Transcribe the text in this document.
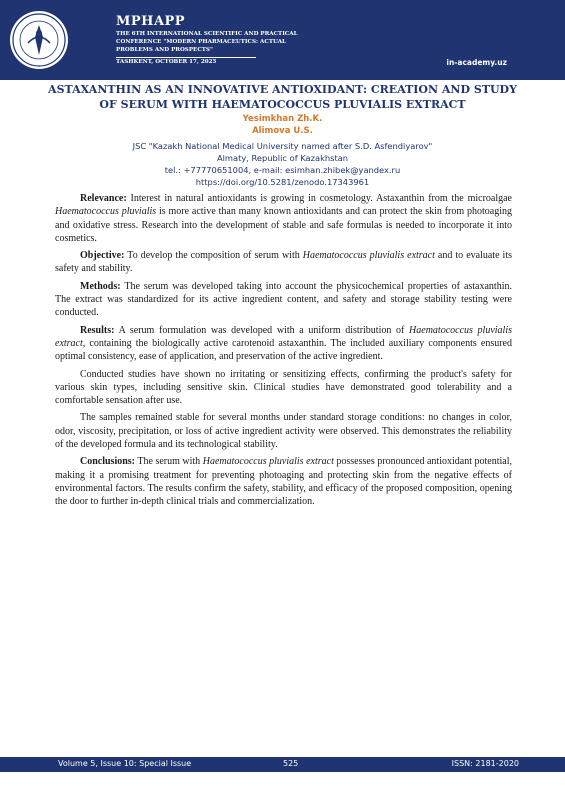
MPHAPP
THE 6TH INTERNATIONAL SCIENTIFIC AND PRACTICAL
CONFERENCE "MODERN PHARMACEUTICS: ACTUAL
PROBLEMS AND PROSPECTS"
TASHKENT, OCTOBER 17, 2025	in-academy.uz
ASTAXANTHIN AS AN INNOVATIVE ANTIOXIDANT: CREATION AND STUDY
OF SERUM WITH HAEMATOCOCCUS PLUVIALIS EXTRACT
Yesimkhan Zh.K.
Alimova U.S.
JSC "Kazakh National Medical University named after S.D. Asfendiyarov"
Almaty, Republic of Kazakhstan
tel.: +77770651004, e-mail: esimhan.zhibek@yandex.ru
https://doi.org/10.5281/zenodo.17343961

Relevance: Interest in natural antioxidants is growing in cosmetology. Astaxanthin from the microalgae Haematococcus pluvialis is more active than many known antioxidants and can protect the skin from photoaging and oxidative stress. Research into the development of stable and safe formulas is needed to incorporate it into cosmetics.

Objective: To develop the composition of serum with Haematococcus pluvialis extract and to evaluate its safety and stability.

Methods: The serum was developed taking into account the physicochemical properties of astaxanthin. The extract was standardized for its active ingredient content, and safety and storage stability testing were conducted.

Results: A serum formulation was developed with a uniform distribution of Haematococcus pluvialis extract, containing the biologically active carotenoid astaxanthin. The included auxiliary components ensured optimal consistency, ease of application, and preservation of the active ingredient.

Conducted studies have shown no irritating or sensitizing effects, confirming the product's safety for various skin types, including sensitive skin. Clinical studies have demonstrated good tolerability and a comfortable sensation after use.

The samples remained stable for several months under standard storage conditions: no changes in color, odor, viscosity, precipitation, or loss of active ingredient activity were observed. This demonstrates the reliability of the developed formula and its technological stability.

Conclusions: The serum with Haematococcus pluvialis extract possesses pronounced antioxidant potential, making it a promising treatment for preventing photoaging and protecting skin from the negative effects of environmental factors. The results confirm the safety, stability, and efficacy of the proposed composition, opening the door to further in-depth clinical trials and commercialization.

Volume 5, Issue 10: Special Issue	525	ISSN: 2181-2020
